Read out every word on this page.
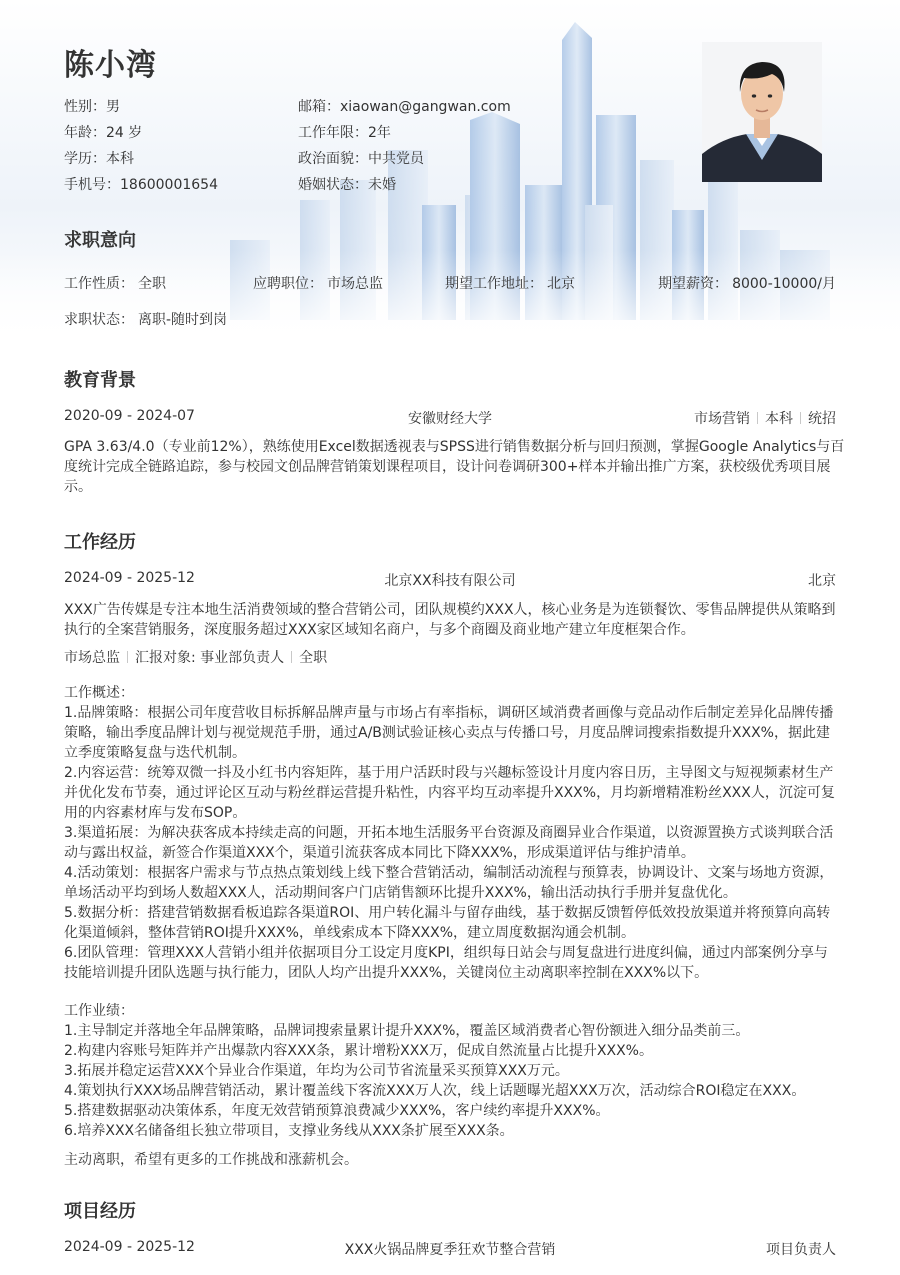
陈小湾
性别：男	邮箱：xiaowan@gangwan.com
年龄：24 岁	工作年限：2年
学历：本科	政治面貌：中共党员
手机号：18600001654	婚姻状态：未婚
求职意向
工作性质： 全职	应聘职位： 市场总监	期望工作地址： 北京	期望薪资： 8000-10000/月
求职状态： 离职-随时到岗
教育背景
2020-09 - 2024-07	安徽财经大学	市场营销 本科 统招
GPA 3.63/4.0（专业前12%），熟练使用Excel数据透视表与SPSS进行销售数据分析与回归预测，掌握Google Analytics与百
度统计完成全链路追踪，参与校园文创品牌营销策划课程项目，设计问卷调研300+样本并输出推广方案，获校级优秀项目展
示。
工作经历
2024-09 - 2025-12	北京XX科技有限公司	北京
XXX广告传媒是专注本地生活消费领域的整合营销公司，团队规模约XXX人，核心业务是为连锁餐饮、零售品牌提供从策略到
执行的全案营销服务，深度服务超过XXX家区域知名商户，与多个商圈及商业地产建立年度框架合作。
市场总监 汇报对象: 事业部负责人 全职
工作概述：
1.品牌策略：根据公司年度营收目标拆解品牌声量与市场占有率指标，调研区域消费者画像与竞品动作后制定差异化品牌传播
策略，输出季度品牌计划与视觉规范手册，通过A/B测试验证核心卖点与传播口号，月度品牌词搜索指数提升XXX%，据此建
立季度策略复盘与迭代机制。
2.内容运营：统筹双微一抖及小红书内容矩阵，基于用户活跃时段与兴趣标签设计月度内容日历，主导图文与短视频素材生产
并优化发布节奏，通过评论区互动与粉丝群运营提升粘性，内容平均互动率提升XXX%，月均新增精准粉丝XXX人，沉淀可复
用的内容素材库与发布SOP。
3.渠道拓展：为解决获客成本持续走高的问题，开拓本地生活服务平台资源及商圈异业合作渠道，以资源置换方式谈判联合活
动与露出权益，新签合作渠道XXX个，渠道引流获客成本同比下降XXX%，形成渠道评估与维护清单。
4.活动策划：根据客户需求与节点热点策划线上线下整合营销活动，编制活动流程与预算表，协调设计、文案与场地方资源，
单场活动平均到场人数超XXX人，活动期间客户门店销售额环比提升XXX%，输出活动执行手册并复盘优化。
5.数据分析：搭建营销数据看板追踪各渠道ROI、用户转化漏斗与留存曲线，基于数据反馈暂停低效投放渠道并将预算向高转
化渠道倾斜，整体营销ROI提升XXX%，单线索成本下降XXX%，建立周度数据沟通会机制。
6.团队管理：管理XXX人营销小组并依据项目分工设定月度KPI，组织每日站会与周复盘进行进度纠偏，通过内部案例分享与
技能培训提升团队选题与执行能力，团队人均产出提升XXX%，关键岗位主动离职率控制在XXX%以下。
工作业绩：
1.主导制定并落地全年品牌策略，品牌词搜索量累计提升XXX%，覆盖区域消费者心智份额进入细分品类前三。
2.构建内容账号矩阵并产出爆款内容XXX条，累计增粉XXX万，促成自然流量占比提升XXX%。
3.拓展并稳定运营XXX个异业合作渠道，年均为公司节省流量采买预算XXX万元。
4.策划执行XXX场品牌营销活动，累计覆盖线下客流XXX万人次，线上话题曝光超XXX万次，活动综合ROI稳定在XXX。
5.搭建数据驱动决策体系，年度无效营销预算浪费减少XXX%，客户续约率提升XXX%。
6.培养XXX名储备组长独立带项目，支撑业务线从XXX条扩展至XXX条。
主动离职，希望有更多的工作挑战和涨薪机会。
项目经历
2024-09 - 2025-12	XXX火锅品牌夏季狂欢节整合营销	项目负责人
